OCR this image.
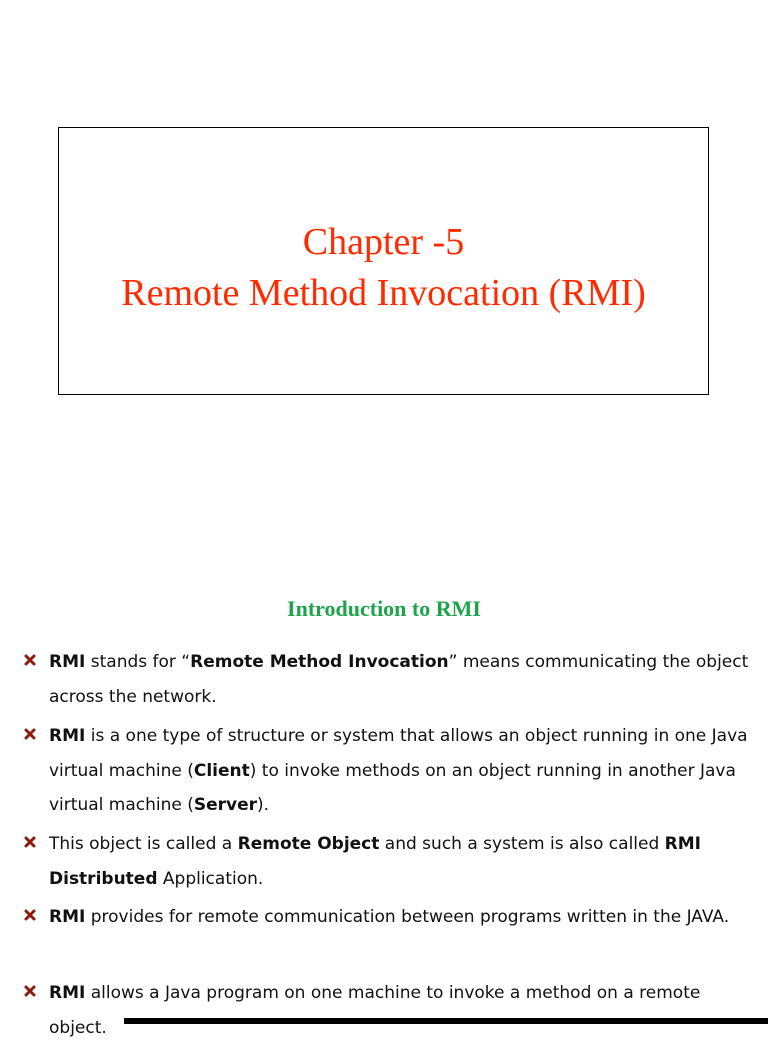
Chapter -5
Remote Method Invocation (RMI)
Introduction to RMI
RMI stands for “Remote Method Invocation” means communicating the object across the network.
RMI is a one type of structure or system that allows an object running in one Java virtual machine (Client) to invoke methods on an object running in another Java virtual machine (Server).
This object is called a Remote Object and such a system is also called RMI Distributed Application.
RMI provides for remote communication between programs written in the JAVA.
RMI allows a Java program on one machine to invoke a method on a remote object.
